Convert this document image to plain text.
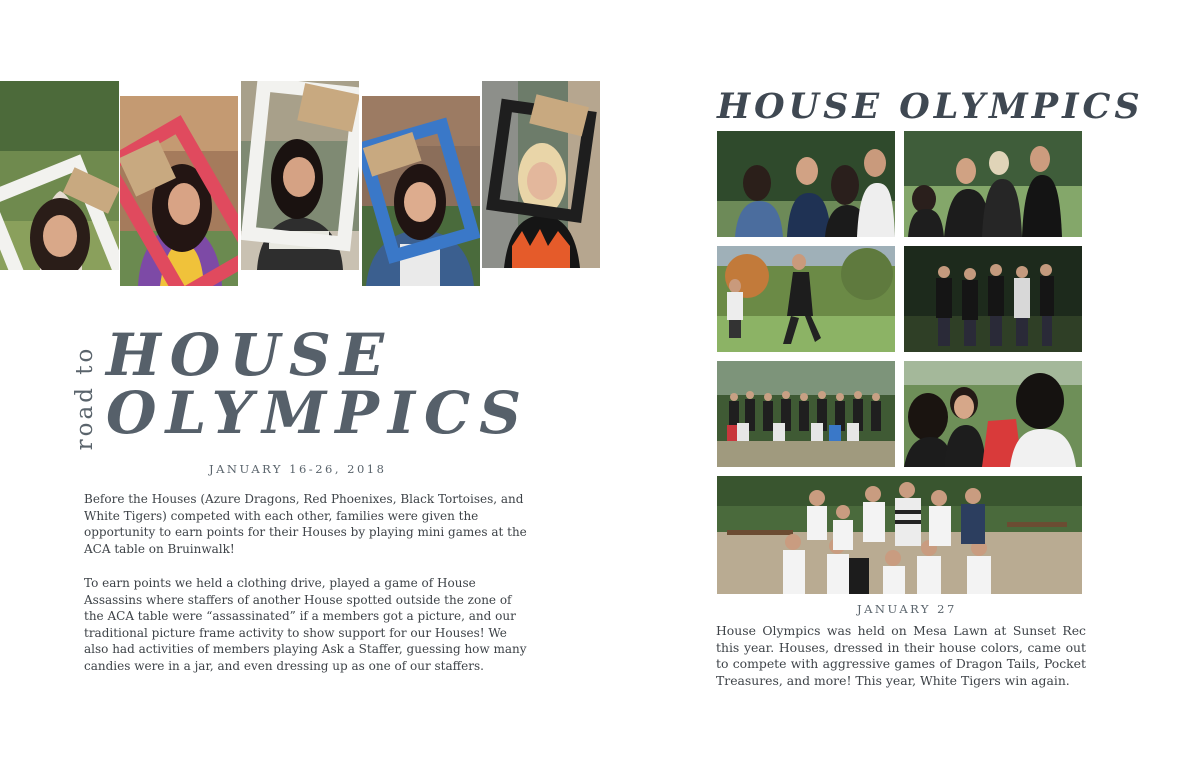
road to HOUSE
OLYMPICS
JANUARY 16-26, 2018

Before the Houses (Azure Dragons, Red Phoenixes, Black Tortoises, and White Tigers) competed with each other, families were given the opportunity to earn points for their Houses by playing mini games at the ACA table on Bruinwalk!

To earn points we held a clothing drive, played a game of House Assassins where staffers of another House spotted outside the zone of the ACA table were “assassinated” if a members got a picture, and our traditional picture frame activity to show support for our Houses! We also had activities of members playing Ask a Staffer, guessing how many candies were in a jar, and even dressing up as one of our staffers.

HOUSE OLYMPICS
JANUARY 27

House Olympics was held on Mesa Lawn at Sunset Rec this year. Houses, dressed in their house colors, came out to compete with aggressive games of Dragon Tails, Pocket Treasures, and more! This year, White Tigers win again.
